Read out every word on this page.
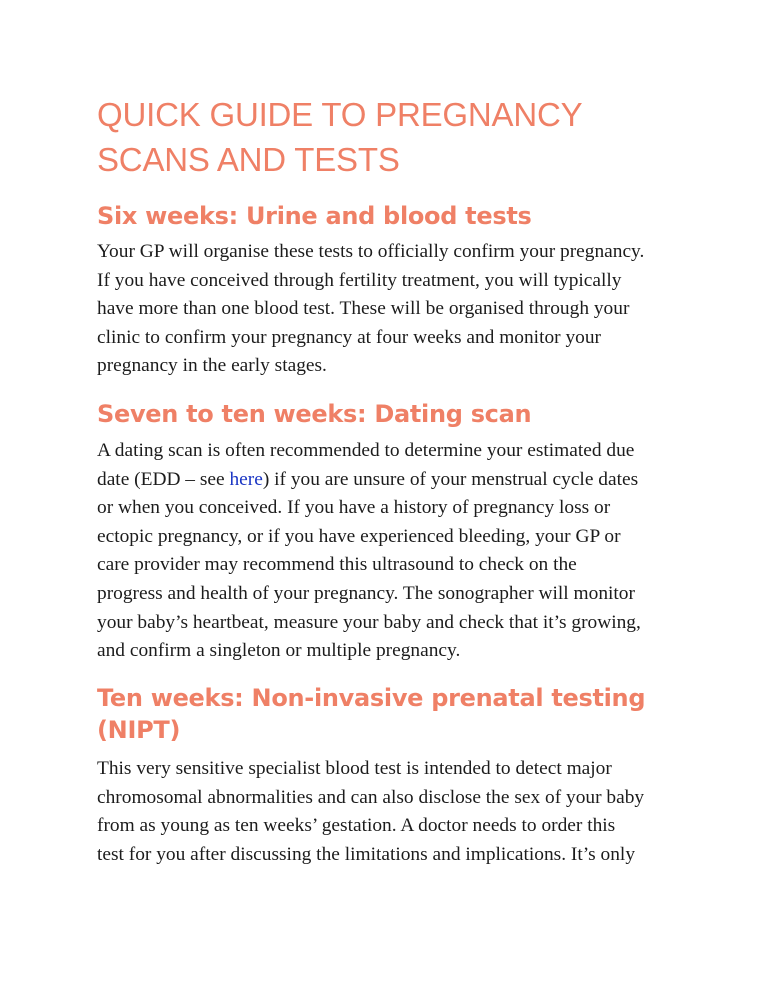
QUICK GUIDE TO PREGNANCY
SCANS AND TESTS
Six weeks: Urine and blood tests

Your GP will organise these tests to officially confirm your pregnancy.
If you have conceived through fertility treatment, you will typically
have more than one blood test. These will be organised through your
clinic to confirm your pregnancy at four weeks and monitor your
pregnancy in the early stages.

Seven to ten weeks: Dating scan

A dating scan is often recommended to determine your estimated due
date (EDD – see here) if you are unsure of your menstrual cycle dates
or when you conceived. If you have a history of pregnancy loss or
ectopic pregnancy, or if you have experienced bleeding, your GP or
care provider may recommend this ultrasound to check on the
progress and health of your pregnancy. The sonographer will monitor
your baby’s heartbeat, measure your baby and check that it’s growing,
and confirm a singleton or multiple pregnancy.

Ten weeks: Non-invasive prenatal testing
(NIPT)

This very sensitive specialist blood test is intended to detect major
chromosomal abnormalities and can also disclose the sex of your baby
from as young as ten weeks’ gestation. A doctor needs to order this
test for you after discussing the limitations and implications. It’s only
